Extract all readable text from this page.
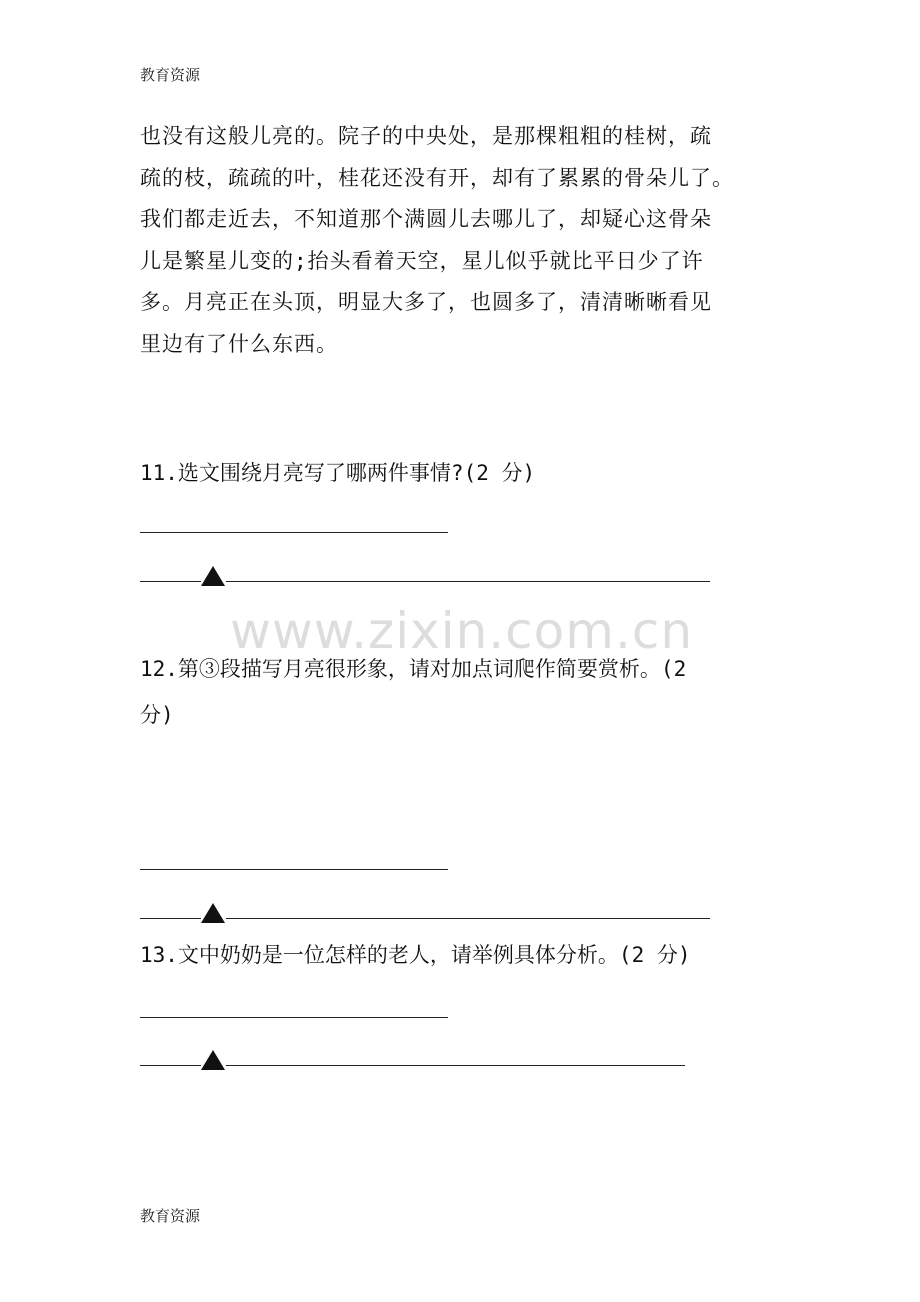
教育资源
也没有这般儿亮的。院子的中央处，是那棵粗粗的桂树，疏
疏的枝，疏疏的叶，桂花还没有开，却有了累累的骨朵儿了。
我们都走近去，不知道那个满圆儿去哪儿了，却疑心这骨朵
儿是繁星儿变的;抬头看着天空，星儿似乎就比平日少了许
多。月亮正在头顶，明显大多了，也圆多了，清清晰晰看见
里边有了什么东西。
11.选文围绕月亮写了哪两件事情?(2 分)
www.zixin.com.cn
12.第③段描写月亮很形象，请对加点词爬作简要赏析。(2
分)
13.文中奶奶是一位怎样的老人，请举例具体分析。(2 分)
教育资源
